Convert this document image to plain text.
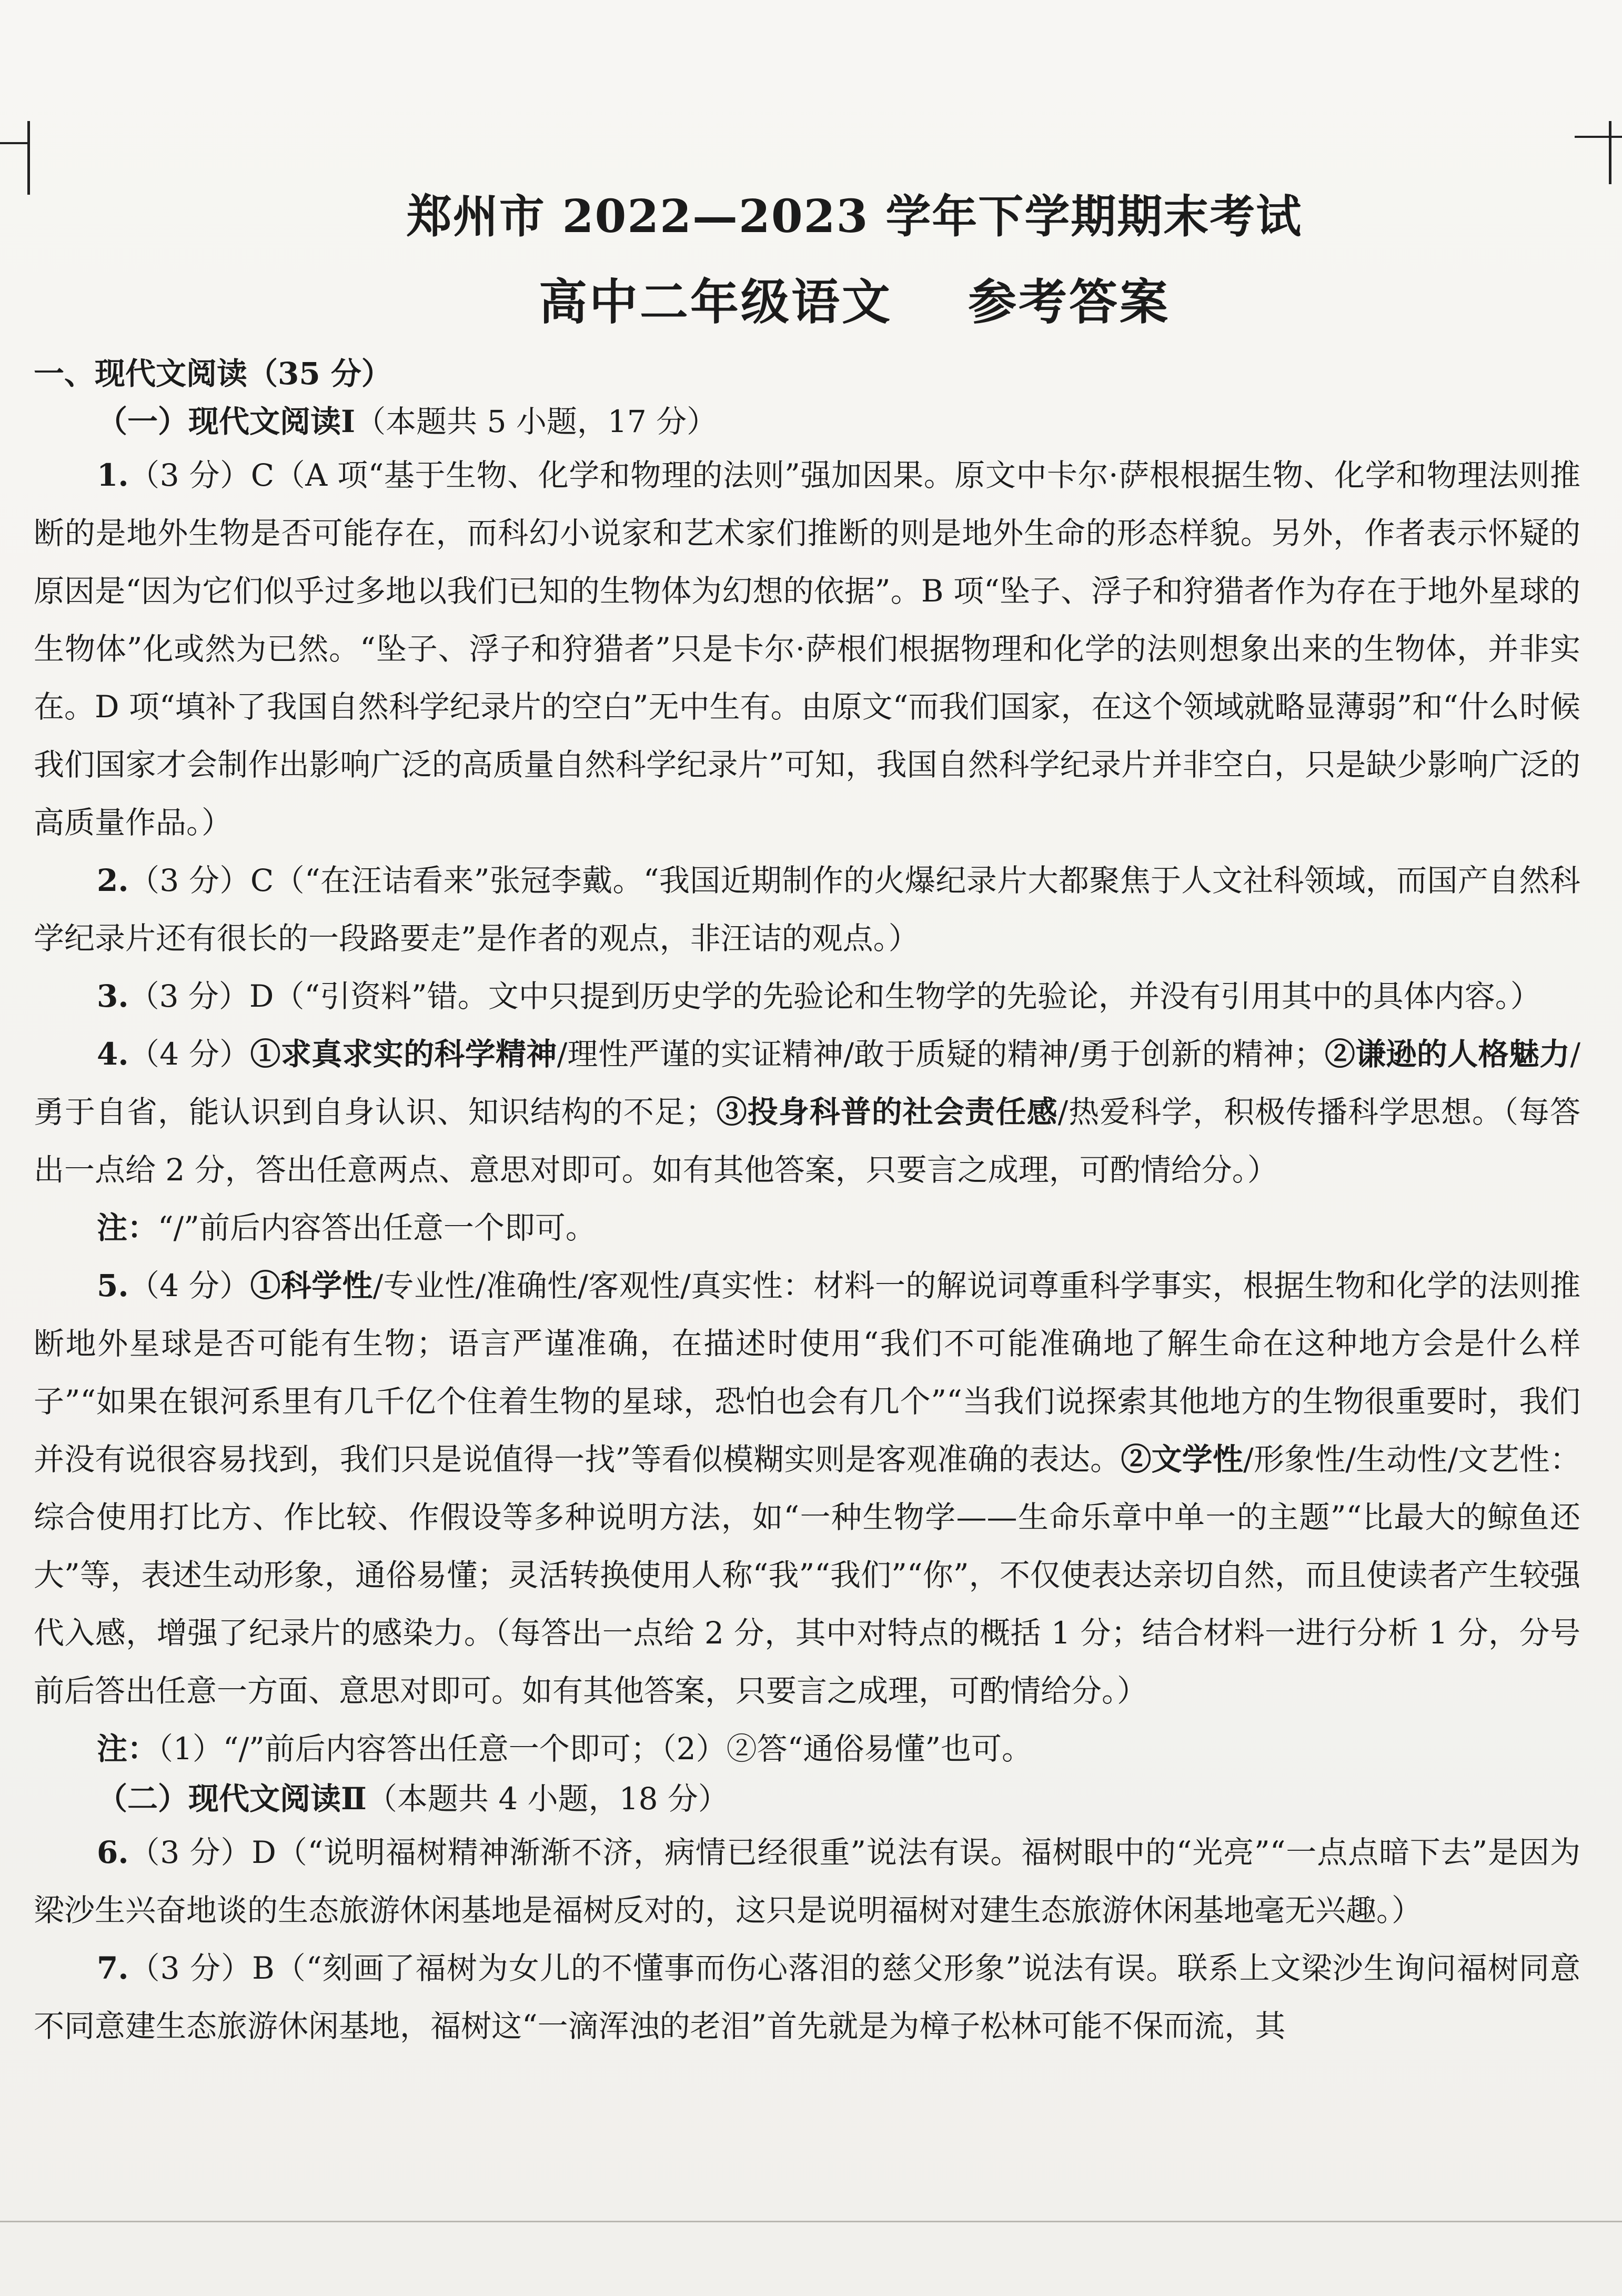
郑州市 2022—2023 学年下学期期末考试
高中二年级语文    参考答案
一、现代文阅读（35 分）
（一）现代文阅读Ⅰ（本题共 5 小题，17 分）

1.（3 分）C（A 项“基于生物、化学和物理的法则”强加因果。原文中卡尔·萨根根据生物、化学和物理法则推断的是地外生物是否可能存在，而科幻小说家和艺术家们推断的则是地外生命的形态样貌。另外，作者表示怀疑的原因是“因为它们似乎过多地以我们已知的生物体为幻想的依据”。B 项“坠子、浮子和狩猎者作为存在于地外星球的生物体”化或然为已然。“坠子、浮子和狩猎者”只是卡尔·萨根们根据物理和化学的法则想象出来的生物体，并非实在。D 项“填补了我国自然科学纪录片的空白”无中生有。由原文“而我们国家，在这个领域就略显薄弱”和“什么时候我们国家才会制作出影响广泛的高质量自然科学纪录片”可知，我国自然科学纪录片并非空白，只是缺少影响广泛的高质量作品。）

2.（3 分）C（“在汪诘看来”张冠李戴。“我国近期制作的火爆纪录片大都聚焦于人文社科领域，而国产自然科学纪录片还有很长的一段路要走”是作者的观点，非汪诘的观点。）

3.（3 分）D（“引资料”错。文中只提到历史学的先验论和生物学的先验论，并没有引用其中的具体内容。）

4.（4 分）①求真求实的科学精神/理性严谨的实证精神/敢于质疑的精神/勇于创新的精神；②谦逊的人格魅力/勇于自省，能认识到自身认识、知识结构的不足；③投身科普的社会责任感/热爱科学，积极传播科学思想。（每答出一点给 2 分，答出任意两点、意思对即可。如有其他答案，只要言之成理，可酌情给分。）

注：“/”前后内容答出任意一个即可。

5.（4 分）①科学性/专业性/准确性/客观性/真实性：材料一的解说词尊重科学事实，根据生物和化学的法则推断地外星球是否可能有生物；语言严谨准确，在描述时使用“我们不可能准确地了解生命在这种地方会是什么样子”“如果在银河系里有几千亿个住着生物的星球，恐怕也会有几个”“当我们说探索其他地方的生物很重要时，我们并没有说很容易找到，我们只是说值得一找”等看似模糊实则是客观准确的表达。②文学性/形象性/生动性/文艺性：综合使用打比方、作比较、作假设等多种说明方法，如“一种生物学——生命乐章中单一的主题”“比最大的鲸鱼还大”等，表述生动形象，通俗易懂；灵活转换使用人称“我”“我们”“你”，不仅使表达亲切自然，而且使读者产生较强代入感，增强了纪录片的感染力。（每答出一点给 2 分，其中对特点的概括 1 分；结合材料一进行分析 1 分，分号前后答出任意一方面、意思对即可。如有其他答案，只要言之成理，可酌情给分。）

注：（1）“/”前后内容答出任意一个即可；（2）②答“通俗易懂”也可。

（二）现代文阅读Ⅱ（本题共 4 小题，18 分）

6.（3 分）D（“说明福树精神渐渐不济，病情已经很重”说法有误。福树眼中的“光亮”“一点点暗下去”是因为梁沙生兴奋地谈的生态旅游休闲基地是福树反对的，这只是说明福树对建生态旅游休闲基地毫无兴趣。）

7.（3 分）B（“刻画了福树为女儿的不懂事而伤心落泪的慈父形象”说法有误。联系上文梁沙生询问福树同意不同意建生态旅游休闲基地，福树这“一滴浑浊的老泪”首先就是为樟子松林可能不保而流，其
